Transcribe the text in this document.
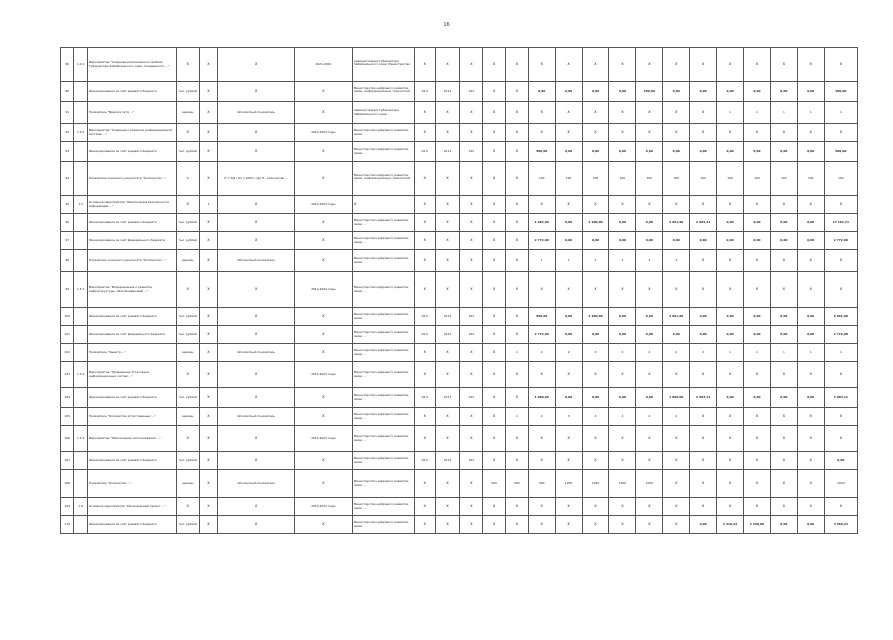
16
86	1.4.1	Мероприятие "Создание регионального мобиле Губернатора Забайкальского края, оснащенного ..."	X	X	X	2021-2024	Администрация Губернатора Забайкальского края; Министерство ...	X	X	X	X	X	X	X	X	X	X	X	X	X	X	X	X	X
86		Финансирование за счёт краевого бюджета	тыс. рублей	X	X	X	Министерство цифрового развития, связи, информационных технологий ...	04 0	0113	242	X	X	0,00	0,00	0,00	0,00	100,00	0,00	0,00	0,00	0,00	0,00	0,00	100,00
91		Показатель "Время в пути ..."	единиц	X	Абсолютный показатель	X	Администрация Губернатора Забайкальского края ...	X	X	X	X	X	X	X	X	X	X	X	X	1	1	1	1	1
92	1.4.2	Мероприятие "Создание и развитие информационной системы ..."	X	X	X	2014-2024 годы	Министерство цифрового развития, связи ...	X	X	X	X	X	X	X	X	X	X	X	X	X	X	X	X	X
93		Финансирование за счёт краевого бюджета	тыс. рублей	X	X	X	Министерство цифрового развития, связи ...	04 0	0113	242	X	X	500,00	0,00	0,00	0,00	0,00	0,00	0,00	0,00	0,00	0,00	0,00	500,00
94		Показатель конечного результата "Количество ..."	%	X	Н = Кф / Кп x 100%, где Н - количество ...	X	Министерство цифрового развития, связи, информационных технологий ...	X	X	X	X	X	100	100	100	100	100	100	100	100	100	100	100	100
95	1.5	Основное мероприятие "Обеспечение безопасности информации ..."	X	1	X	2014-2024 годы	X	X	X	X	X	X	X	X	X	X	X	X	X	X	X	X	X	X
96		Финансирование за счёт краевого бюджета	тыс. рублей	X	X	X	Министерство цифрового развития, связи ...	X	X	X	X	X	1 994,00	0,00	1 200,00	0,00	0,00	4 961,90	2 003,11	0,00	0,00	0,00	0,00	17 161,71
97		Финансирование за счёт федерального бюджета	тыс. рублей	X	X	X	Министерство цифрового развития, связи ...	X	X	X	X	X	2 772,00	0,00	0,00	0,00	0,00	0,00	0,00	0,00	0,00	0,00	0,00	2 772,00
98		Показатель конечного результата "Количество ..."	единиц	X	Абсолютный показатель	X	Министерство цифрового развития, связи ...	X	X	X	X	X	1	2	2	4	4	4	X	X	X	X	X	X
99	1.5.1	Мероприятие "Модернизация и развитие инфраструктуры, обеспечивающей ..."	X	X	X	2014-2024 годы	Министерство цифрового развития, связи ...	X	X	X	X	X	X	X	X	X	X	X	X	X	X	X	X	X
100		Финансирование за счёт краевого бюджета	тыс. рублей	X	X	X	Министерство цифрового развития, связи ...	04 0	0113	242	X	X	500,00	0,00	1 200,00	0,00	0,00	3 961,90	0,00	0,00	0,00	0,00	0,00	5 661,90
101		Финансирование за счёт федерального бюджета	тыс. рублей	X	X	X	Министерство цифрового развития, связи ...	04 0	0113	242	X	X	2 772,00	0,00	0,00	0,00	0,00	0,00	0,00	0,00	0,00	0,00	0,00	2 772,00
102		Показатель "Защита ..."	единиц	X	Абсолютный показатель	X	Министерство цифрового развития, связи ...	X	X	X	X	1	2	2	2	2	2	2	2	1	1	1	1	1
103	1.5.2	Мероприятие "Проведение аттестации информационных систем ..."	X	X	X	2014-2024 годы	Министерство цифрового развития, связи ...	X	X	X	X	X	X	X	X	X	X	X	X	X	X	X	X	X
104		Финансирование за счёт краевого бюджета	тыс. рублей	X	X	X	Министерство цифрового развития, связи ...	04 0	0113	242	X	X	1 000,00	0,00	0,00	0,00	0,00	1 000,00	2 003,11	0,00	0,00	0,00	0,00	4 003,11
105		Показатель "Количество аттестованных ..."	единиц	X	Абсолютный показатель	X	Министерство цифрового развития, связи ...	X	X	X	X	1	2	3	4	4	4	4	X	X	X	X	X	X
106	1.5.3	Мероприятие "Обеспечение использования ..."	X	X	X	2014-2024 годы	Министерство цифрового развития, связи ...	X	X	X	X	X	X	X	X	X	X	X	X	X	X	X	X	X
107		Финансирование за счёт краевого бюджета	тыс. рублей	X	X	X	Министерство цифрового развития, связи ...	04 0	0113	242	X	X	X	X	X	X	X	X	X	X	X	X	X	0,00
108		Показатель "Количество ..."	единиц	X	Абсолютный показатель	X	Министерство цифрового развития, связи ...	X	X	X	500	500	900	1050	1050	1050	1050	X	X	X	X	X	X	1050
109	1.6	Основное мероприятие "Региональный проект ..."	X	X	X	2019-2024 годы	Министерство цифрового развития, связи ...	X	X	X	X	X	X	X	X	X	X	X	X	X	X	X	X	X
110		Финансирование за счёт краевого бюджета	тыс. рублей	X	X	X	Министерство цифрового развития, связи ...	X	X	X	X	X	X	X	X	X	X	X	0,00	2 419,23	1 150,00	0,00	0,00	3 569,23
